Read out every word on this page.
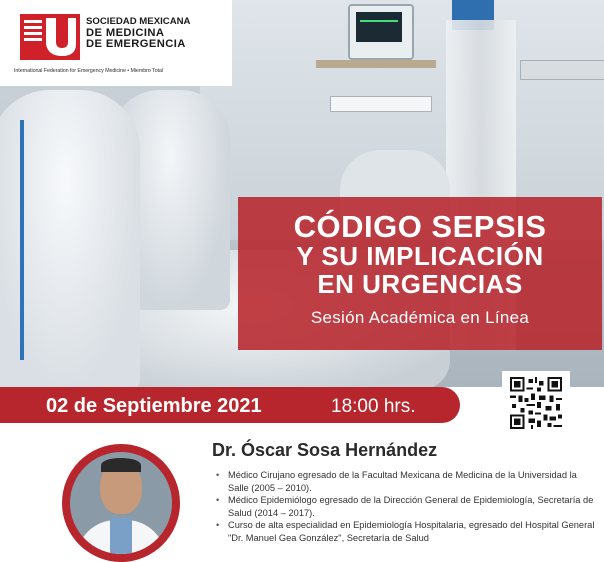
SOCIEDAD MEXICANA
DE MEDICINA
DE EMERGENCIA
International Federation for Emergency Medicine • Miembro Total
CÓDIGO SEPSIS
Y SU IMPLICACIÓN
EN URGENCIAS
Sesión Académica en Línea
02 de Septiembre 2021	18:00 hrs.
Dr. Óscar Sosa Hernández
• Médico Cirujano egresado de la Facultad Mexicana de Medicina de la Universidad la Salle (2005 – 2010).
• Médico Epidemiólogo egresado de la Dirección General de Epidemiología, Secretaría de Salud (2014 – 2017).
• Curso de alta especialidad en Epidemiología Hospitalaria, egresado del Hospital General "Dr. Manuel Gea González", Secretaría de Salud
